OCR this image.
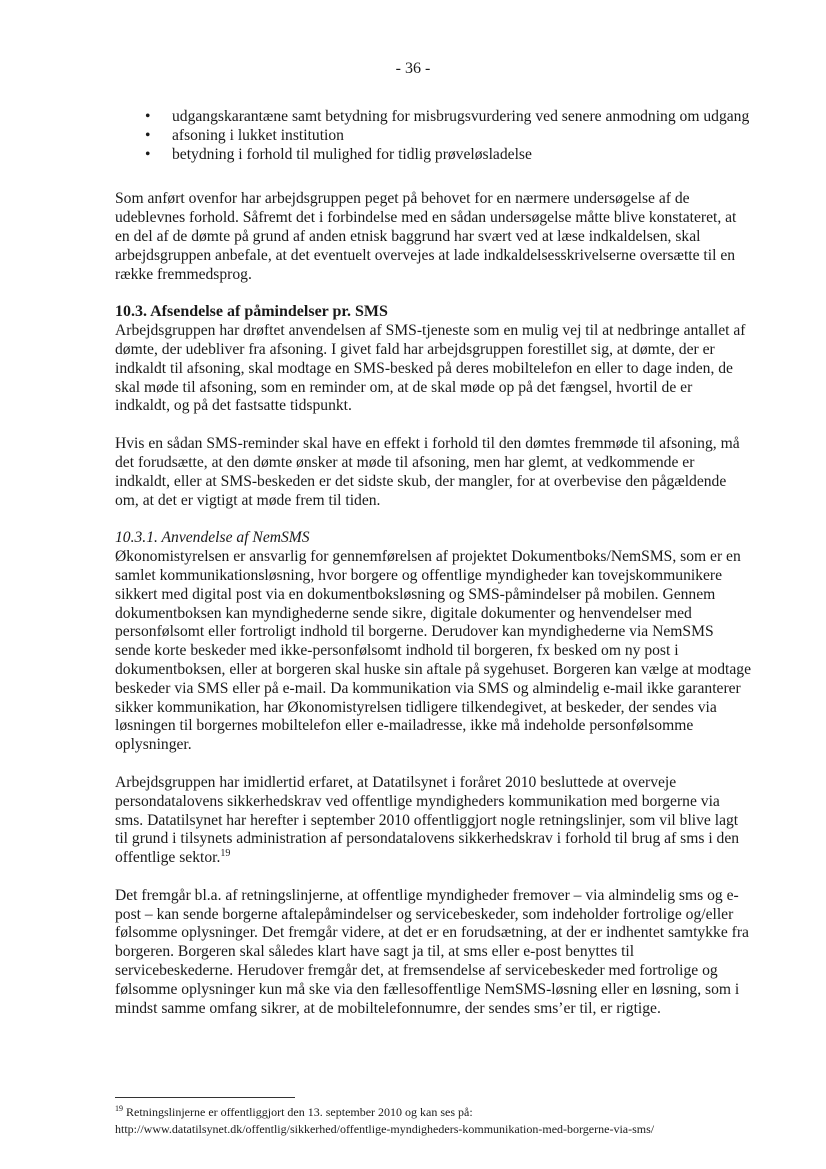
- 36 -
• udgangskarantæne samt betydning for misbrugsvurdering ved senere anmodning om udgang
• afsoning i lukket institution
• betydning i forhold til mulighed for tidlig prøveløsladelse

Som anført ovenfor har arbejdsgruppen peget på behovet for en nærmere undersøgelse af de udeblevnes forhold. Såfremt det i forbindelse med en sådan undersøgelse måtte blive konstateret, at en del af de dømte på grund af anden etnisk baggrund har svært ved at læse indkaldelsen, skal arbejdsgruppen anbefale, at det eventuelt overvejes at lade indkaldelsesskrivelserne oversætte til en række fremmedsprog.

10.3. Afsendelse af påmindelser pr. SMS

Arbejdsgruppen har drøftet anvendelsen af SMS-tjeneste som en mulig vej til at nedbringe antallet af dømte, der udebliver fra afsoning. I givet fald har arbejdsgruppen forestillet sig, at dømte, der er indkaldt til afsoning, skal modtage en SMS-besked på deres mobiltelefon en eller to dage inden, de skal møde til afsoning, som en reminder om, at de skal møde op på det fængsel, hvortil de er indkaldt, og på det fastsatte tidspunkt.

Hvis en sådan SMS-reminder skal have en effekt i forhold til den dømtes fremmøde til afsoning, må det forudsætte, at den dømte ønsker at møde til afsoning, men har glemt, at vedkommende er indkaldt, eller at SMS-beskeden er det sidste skub, der mangler, for at overbevise den pågældende om, at det er vigtigt at møde frem til tiden.

10.3.1. Anvendelse af NemSMS

Økonomistyrelsen er ansvarlig for gennemførelsen af projektet Dokumentboks/NemSMS, som er en samlet kommunikationsløsning, hvor borgere og offentlige myndigheder kan tovejskommunikere sikkert med digital post via en dokumentboksløsning og SMS-påmindelser på mobilen. Gennem dokumentboksen kan myndighederne sende sikre, digitale dokumenter og henvendelser med personfølsomt eller fortroligt indhold til borgerne. Derudover kan myndighederne via NemSMS sende korte beskeder med ikke-personfølsomt indhold til borgeren, fx besked om ny post i dokumentboksen, eller at borgeren skal huske sin aftale på sygehuset. Borgeren kan vælge at modtage beskeder via SMS eller på e-mail. Da kommunikation via SMS og almindelig e-mail ikke garanterer sikker kommunikation, har Økonomistyrelsen tidligere tilkendegivet, at beskeder, der sendes via løsningen til borgernes mobiltelefon eller e-mailadresse, ikke må indeholde personfølsomme oplysninger.

Arbejdsgruppen har imidlertid erfaret, at Datatilsynet i foråret 2010 besluttede at overveje persondatalovens sikkerhedskrav ved offentlige myndigheders kommunikation med borgerne via sms. Datatilsynet har herefter i september 2010 offentliggjort nogle retningslinjer, som vil blive lagt til grund i tilsynets administration af persondatalovens sikkerhedskrav i forhold til brug af sms i den offentlige sektor.$^{19}$

Det fremgår bl.a. af retningslinjerne, at offentlige myndigheder fremover – via almindelig sms og e-post – kan sende borgerne aftalepåmindelser og servicebeskeder, som indeholder fortrolige og/eller følsomme oplysninger. Det fremgår videre, at det er en forudsætning, at der er indhentet samtykke fra borgeren. Borgeren skal således klart have sagt ja til, at sms eller e-post benyttes til servicebeskederne. Herudover fremgår det, at fremsendelse af servicebeskeder med fortrolige og følsomme oplysninger kun må ske via den fællesoffentlige NemSMS-løsning eller en løsning, som i mindst samme omfang sikrer, at de mobiltelefonnumre, der sendes sms’er til, er rigtige.

$^{19}$ Retningslinjerne er offentliggjort den 13. september 2010 og kan ses på:
http://www.datatilsynet.dk/offentlig/sikkerhed/offentlige-myndigheders-kommunikation-med-borgerne-via-sms/
